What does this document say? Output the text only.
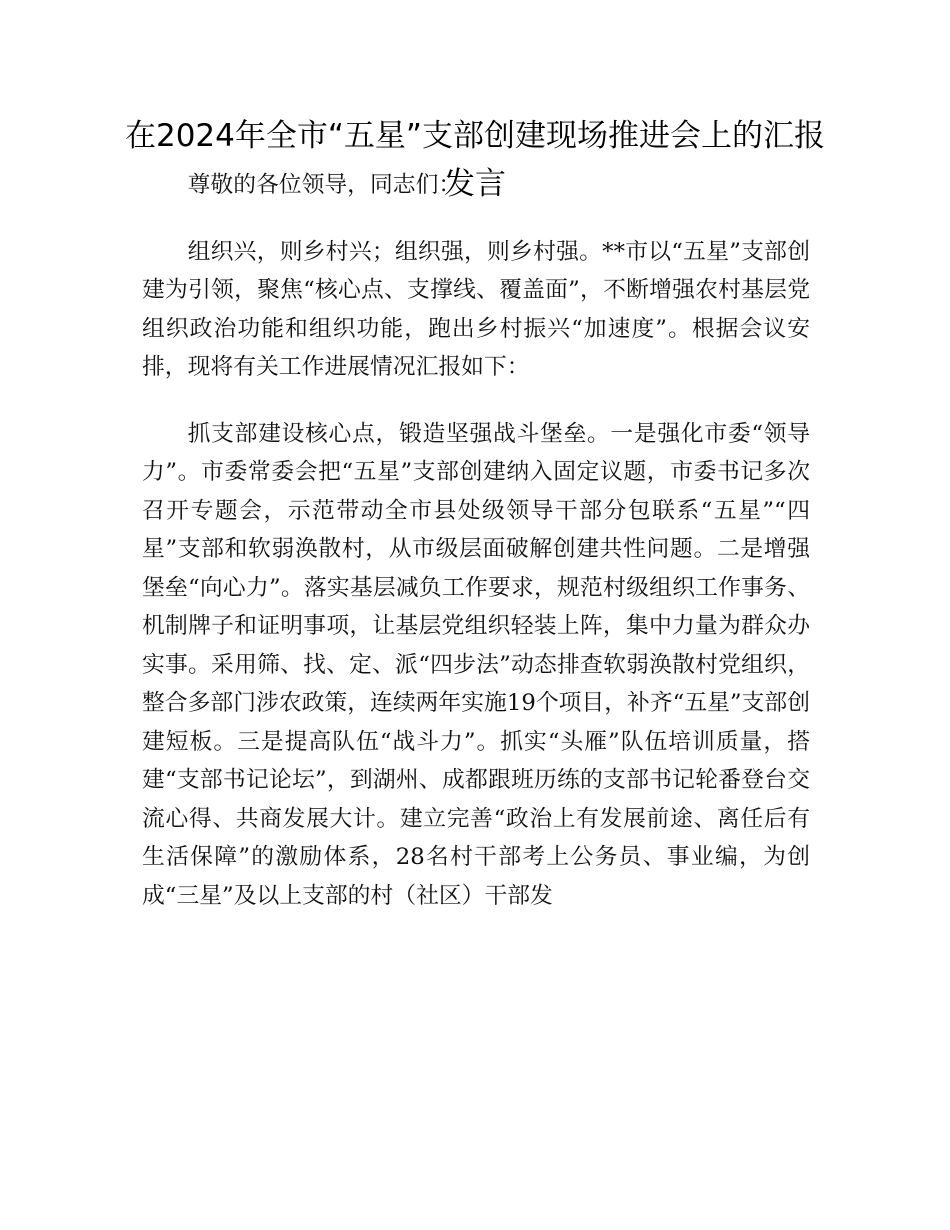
在2024年全市“五星”支部创建现场推进会上的汇报发言

尊敬的各位领导，同志们：

组织兴，则乡村兴；组织强，则乡村强。**市以“五星”支部创建为引领，聚焦“核心点、支撑线、覆盖面”，不断增强农村基层党组织政治功能和组织功能，跑出乡村振兴“加速度”。根据会议安排，现将有关工作进展情况汇报如下：

抓支部建设核心点，锻造坚强战斗堡垒。一是强化市委“领导力”。市委常委会把“五星”支部创建纳入固定议题，市委书记多次召开专题会，示范带动全市县处级领导干部分包联系“五星”“四星”支部和软弱涣散村，从市级层面破解创建共性问题。二是增强堡垒“向心力”。落实基层减负工作要求，规范村级组织工作事务、机制牌子和证明事项，让基层党组织轻装上阵，集中力量为群众办实事。采用筛、找、定、派“四步法”动态排查软弱涣散村党组织，整合多部门涉农政策，连续两年实施19个项目，补齐“五星”支部创建短板。三是提高队伍“战斗力”。抓实“头雁”队伍培训质量，搭建“支部书记论坛”，到湖州、成都跟班历练的支部书记轮番登台交流心得、共商发展大计。建立完善“政治上有发展前途、离任后有生活保障”的激励体系，28名村干部考上公务员、事业编，为创成“三星”及以上支部的村（社区）干部发
